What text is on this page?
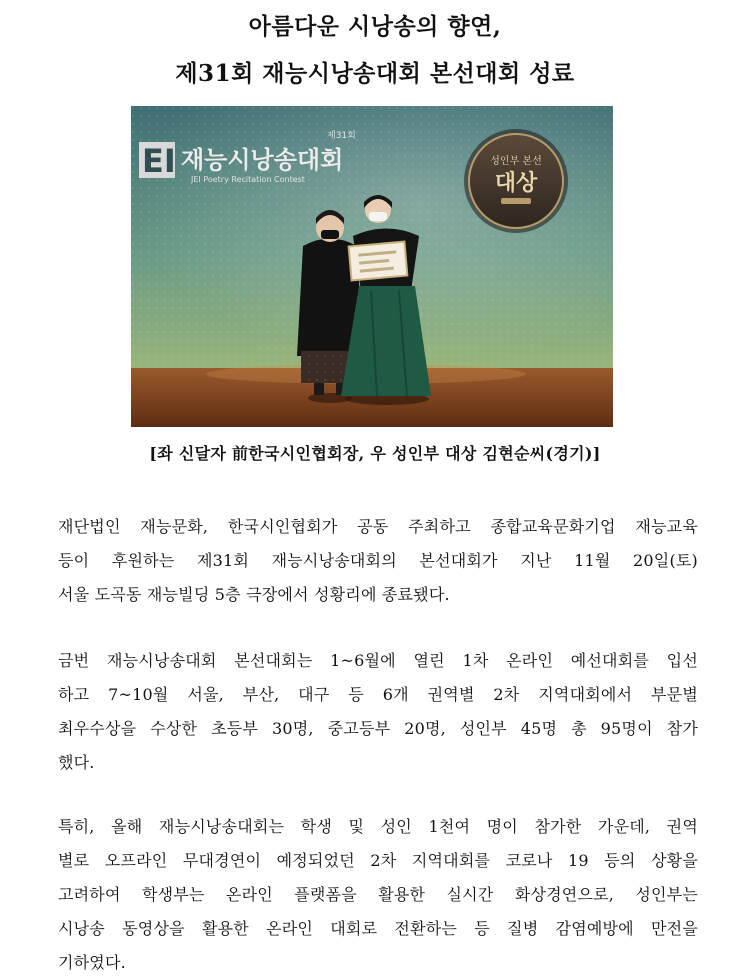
아름다운 시낭송의 향연,
제31회 재능시낭송대회 본선대회 성료
EI
제31회
재능시낭송대회
JEI Poetry Recitation Contest
성인부 본선
대상
[좌 신달자 前한국시인협회장, 우 성인부 대상 김현순씨(경기)]
재단법인 재능문화, 한국시인협회가 공동 주최하고 종합교육문화기업 재능교육
등이 후원하는 제31회 재능시낭송대회의 본선대회가 지난 11월 20일(토)
서울 도곡동 재능빌딩 5층 극장에서 성황리에 종료됐다.
금번 재능시낭송대회 본선대회는 1~6월에 열린 1차 온라인 예선대회를 입선
하고 7~10월 서울, 부산, 대구 등 6개 권역별 2차 지역대회에서 부문별
최우수상을 수상한 초등부 30명, 중고등부 20명, 성인부 45명 총 95명이 참가
했다.
특히, 올해 재능시낭송대회는 학생 및 성인 1천여 명이 참가한 가운데, 권역
별로 오프라인 무대경연이 예정되었던 2차 지역대회를 코로나 19 등의 상황을
고려하여 학생부는 온라인 플랫폼을 활용한 실시간 화상경연으로, 성인부는
시낭송 동영상을 활용한 온라인 대회로 전환하는 등 질병 감염예방에 만전을
기하였다.
